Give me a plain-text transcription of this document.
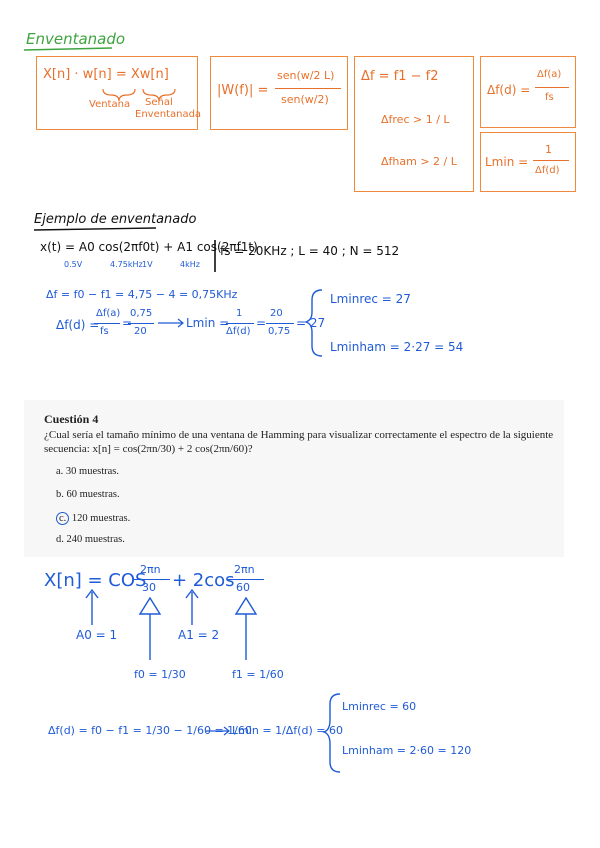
Enventanado
X[n] · w[n] = Xw[n]
Ventana Señal
Enventanada
|W(f)| =
sen(w/2 L)
sen(w/2)
Δf = f1 − f2
Δfrec > 1 / L
Δfham > 2 / L
Δf(d) =
Δf(a)
fs
Lmin =
1
Δf(d)
Ejemplo de enventanado
x(t) = A0 cos(2πf0t) + A1 cos(2πf1t)
0.5V	4.75kHz 1V	4kHz
fs = 20KHz ; L = 40 ; N = 512
Δf = f0 − f1 = 4,75 − 4 = 0,75KHz
Δf(d) =
Δf(a)
fs
=
0,75
20
Lmin =
1
Δf(d)
=
20
0,75
= 27
Lminrec = 27
Lminham = 2·27 = 54
Cuestión 4
¿Cual sería el tamaño mínimo de una ventana de Hamming para visualizar correctamente el espectro de la siguiente secuencia: x[n] = cos(2πn/30) + 2 cos(2πn/60)?
a. 30 muestras.
b. 60 muestras.
c. 120 muestras.
d. 240 muestras.
X[n] = COS
2πn
30 + 2cos
2πn
60
A0 = 1	A1 = 2
f0 = 1/30	f1 = 1/60
Δf(d) = f0 − f1 = 1/30 − 1/60 = 1/60
Lmin = 1/Δf(d) = 60
Lminrec = 60
Lminham = 2·60 = 120
